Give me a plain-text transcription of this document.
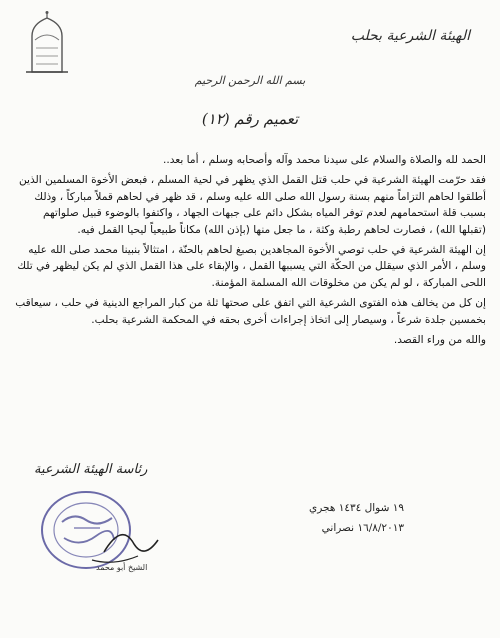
الهيئة الشرعية بحلب
بسم الله الرحمن الرحيم
تعميم رقم (١٢)

الحمد لله والصلاة والسلام على سيدنا محمد وآله وأصحابه وسلم ، أما بعد..

فقد حرّمت الهيئة الشرعية في حلب قتل القمل الذي يظهر في لحية المسلم ، فبعض الأخوة المسلمين الذين أطلقوا لحاهم التزاماً منهم بسنة رسول الله صلى الله عليه وسلم ، قد ظهر في لحاهم قملاً مباركاً ، وذلك بسبب قلة استحمامهم لعدم توفر المياه بشكل دائم على جبهات الجهاد ، واكتفوا بالوضوء قبيل صلواتهم (تقبلها الله) ، فصارت لحاهم رطبة وكثة ، ما جعل منها (بإذن الله) مكاناً طبيعياً ليحيا القمل فيه.

إن الهيئة الشرعية في حلب توصي الأخوة المجاهدين بصبغ لحاهم بالحنّة ، امتثالاً بنبينا محمد صلى الله عليه وسلم ، الأمر الذي سيقلل من الحكّة التي يسببها القمل ، والإبقاء على هذا القمل الذي لم يكن ليظهر في تلك اللحى المباركة ، لو لم يكن من مخلوقات الله المسلمة المؤمنة.

إن كل من يخالف هذه الفتوى الشرعية التي اتفق على صحتها ثلة من كبار المراجع الدينية في حلب ، سيعاقب بخمسين جلدة شرعاً ، وسيصار إلى اتخاذ إجراءات أخرى بحقه في المحكمة الشرعية بحلب.

والله من وراء القصد.

١٩ شوال ١٤٣٤ هجري
١٦/٨/٢٠١٣ نصراني
رئاسة الهيئة الشرعية
الشيخ أبو محمد
